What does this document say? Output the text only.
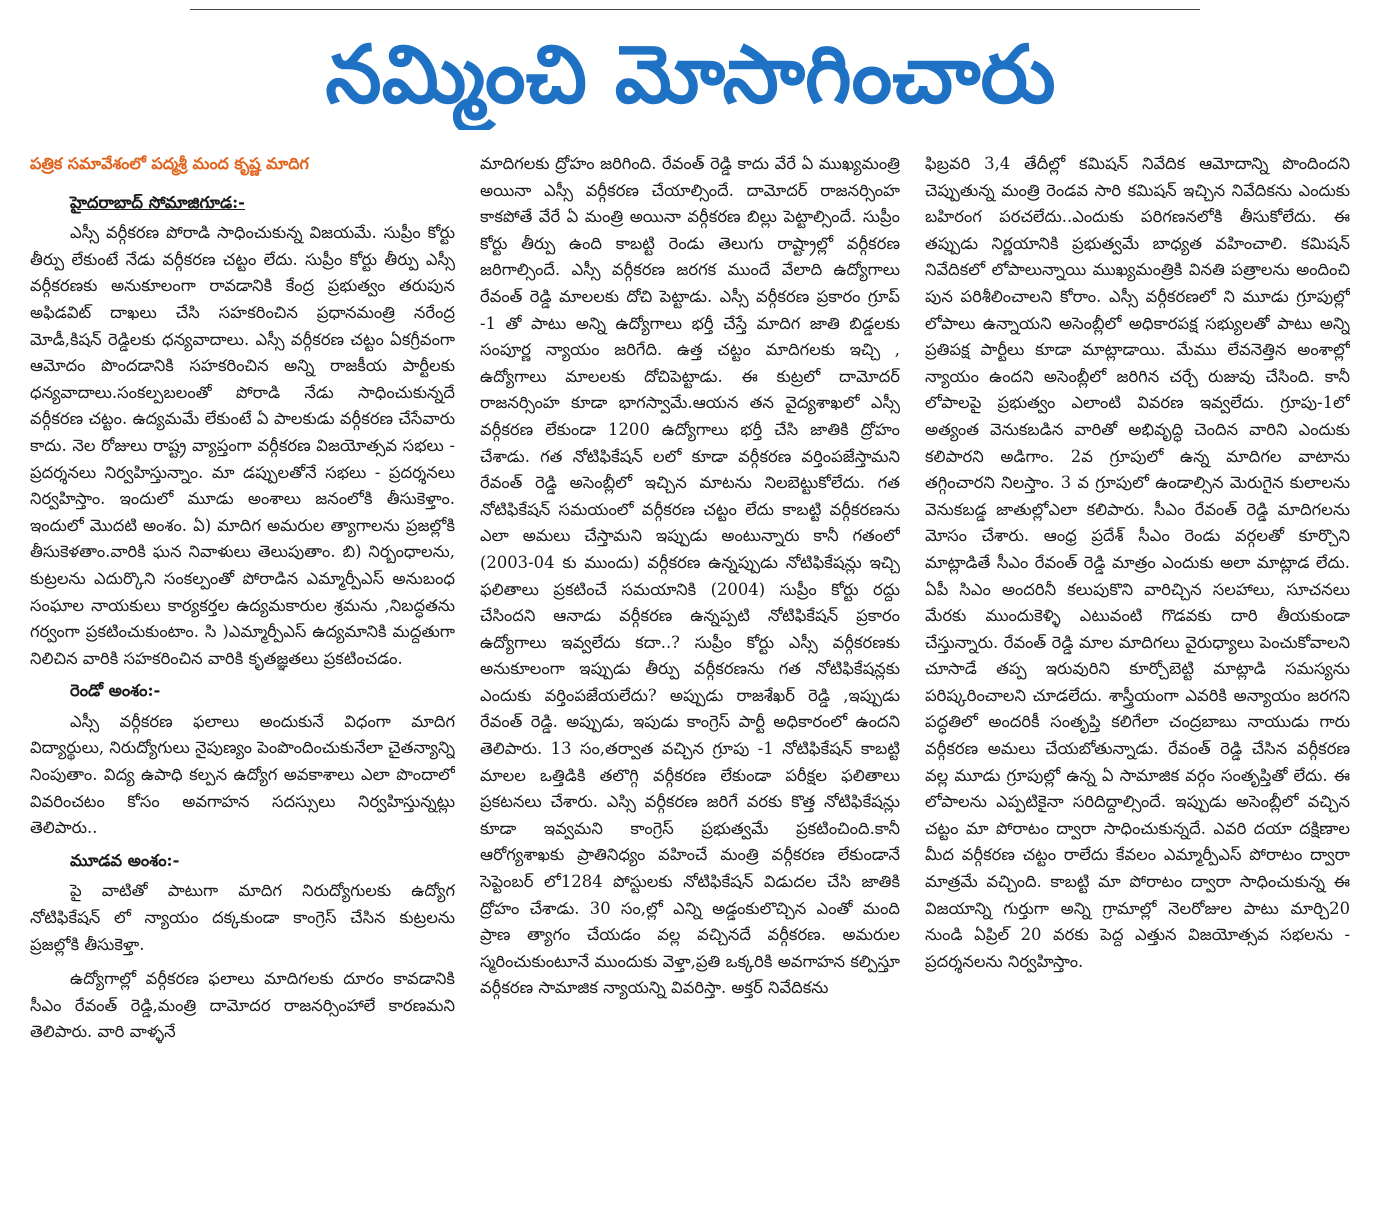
నమ్మించి మోసాగించారు
పత్రిక సమావేశంలో పద్మశ్రీ మంద కృష్ణ మాదిగ

హైదరాబాద్ సోమాజిగూడ:-

ఎస్సీ వర్గీకరణ పోరాడి సాధించుకున్న విజయమే. సుప్రీం కోర్టు తీర్పు లేకుంటే నేడు వర్గీకరణ చట్టం లేదు. సుప్రీం కోర్టు తీర్పు ఎస్సీ వర్గీకరణకు అనుకూలంగా రావడానికి కేంద్ర ప్రభుత్వం తరుపున అఫిడవిట్ దాఖలు చేసి సహకరించిన ప్రధానమంత్రి నరేంద్ర మోడీ,కిషన్ రెడ్డిలకు ధన్యవాదాలు. ఎస్సీ వర్గీకరణ చట్టం ఏకగ్రీవంగా ఆమోదం పొందడానికి సహకరించిన అన్ని రాజకీయ పార్టీలకు ధన్యవాదాలు.సంకల్పబలంతో పోరాడి నేడు సాధించుకున్నదే వర్గీకరణ చట్టం. ఉద్యమమే లేకుంటే ఏ పాలకుడు వర్గీకరణ చేసేవారు కాదు. నెల రోజులు రాష్ట్ర వ్యాప్తంగా వర్గీకరణ విజయోత్సవ సభలు - ప్రదర్శనలు నిర్వహిస్తున్నాం. మా డప్పులతోనే సభలు - ప్రదర్శనలు నిర్వహిస్తాం. ఇందులో మూడు అంశాలు జనంలోకి తీసుకెళ్తాం. ఇందులో మొదటి అంశం. ఏ) మాదిగ అమరుల త్యాగాలను ప్రజల్లోకి తీసుకెళతాం.వారికి ఘన నివాళులు తెలుపుతాం. బి) నిర్బంధాలను, కుట్రలను ఎదుర్కొని సంకల్పంతో పోరాడిన ఎమ్మార్పీఎస్ అనుబంధ సంఘాల నాయకులు కార్యకర్తల ఉద్యమకారుల శ్రమను ,నిబద్ధతను గర్వంగా ప్రకటించుకుంటాం. సి )ఎమ్మార్పీఎస్ ఉద్యమానికి మద్దతుగా నిలిచిన వారికి సహకరించిన వారికి కృతజ్ఞతలు ప్రకటించడం.

రెండో అంశం:-

ఎస్సీ వర్గీకరణ ఫలాలు అందుకునే విధంగా మాదిగ విద్యార్థులు, నిరుద్యోగులు నైపుణ్యం పెంపొందించుకునేలా చైతన్యాన్ని నింపుతాం. విద్య ఉపాధి కల్పన ఉద్యోగ అవకాశాలు ఎలా పొందాలో వివరించటం కోసం అవగాహన సదస్సులు నిర్వహిస్తున్నట్లు తెలిపారు..

మూడవ అంశం:-

పై వాటితో పాటుగా మాదిగ నిరుద్యోగులకు ఉద్యోగ నోటిఫికేషన్ లో న్యాయం దక్కకుండా కాంగ్రెస్ చేసిన కుట్రలను ప్రజల్లోకి తీసుకెళ్తా.

ఉద్యోగాల్లో వర్గీకరణ ఫలాలు మాదిగలకు దూరం కావడానికి సీఎం రేవంత్ రెడ్డి,మంత్రి దామోదర రాజనర్సింహాలే కారణమని తెలిపారు. వారి వాళ్ళనే

మాదిగలకు ద్రోహం జరిగింది. రేవంత్ రెడ్డి కాదు వేరే ఏ ముఖ్యమంత్రి అయినా ఎస్సీ వర్గీకరణ చేయాల్సిందే. దామోదర్ రాజనర్సింహ కాకపోతే వేరే ఏ మంత్రి అయినా వర్గీకరణ బిల్లు పెట్టాల్సిందే. సుప్రీం కోర్టు తీర్పు ఉంది కాబట్టి రెండు తెలుగు రాష్ట్రాల్లో వర్గీకరణ జరిగాల్సిందే. ఎస్సీ వర్గీకరణ జరగక ముందే వేలాది ఉద్యోగాలు రేవంత్ రెడ్డి మాలలకు దోచి పెట్టాడు. ఎస్సీ వర్గీకరణ ప్రకారం గ్రూప్ -1 తో పాటు అన్ని ఉద్యోగాలు భర్తీ చేస్తే మాదిగ జాతి బిడ్డలకు సంపూర్ణ న్యాయం జరిగేది. ఉత్త చట్టం మాదిగలకు ఇచ్చి , ఉద్యోగాలు మాలలకు దోచిపెట్టాడు. ఈ కుట్రలో దామోదర్ రాజనర్సింహ కూడా భాగస్వామే.ఆయన తన వైద్యశాఖలో ఎస్సీ వర్గీకరణ లేకుండా 1200 ఉద్యోగాలు భర్తీ చేసి జాతికి ద్రోహం చేశాడు. గత నోటిఫికేషన్ లలో కూడా వర్గీకరణ వర్తింపజేస్తామని రేవంత్ రెడ్డి అసెంబ్లీలో ఇచ్చిన మాటను నిలబెట్టుకోలేదు. గత నోటిఫికేషన్ సమయంలో వర్గీకరణ చట్టం లేదు కాబట్టి వర్గీకరణను ఎలా అమలు చేస్తామని ఇప్పుడు అంటున్నారు కానీ గతంలో (2003-04 కు ముందు) వర్గీకరణ ఉన్నప్పుడు నోటిఫికేషన్లు ఇచ్చి ఫలితాలు ప్రకటించే సమయానికి (2004) సుప్రీం కోర్టు రద్దు చేసిందని ఆనాడు వర్గీకరణ ఉన్నప్పటి నోటిఫికేషన్ ప్రకారం ఉద్యోగాలు ఇవ్వలేదు కదా..? సుప్రీం కోర్టు ఎస్సీ వర్గీకరణకు అనుకూలంగా ఇప్పుడు తీర్పు వర్గీకరణను గత నోటిఫికేషన్లకు ఎందుకు వర్తింపజేయలేదు? అప్పుడు రాజశేఖర్ రెడ్డి ,ఇప్పుడు రేవంత్ రెడ్డి. అప్పుడు, ఇపుడు కాంగ్రెస్ పార్టీ అధికారంలో ఉందని తెలిపారు. 13 సం,తర్వాత వచ్చిన గ్రూపు -1 నోటిఫికేషన్ కాబట్టి మాలల ఒత్తిడికి తలొగ్గి వర్గీకరణ లేకుండా పరీక్షల ఫలితాలు ప్రకటనలు చేశారు. ఎస్సి వర్గీకరణ జరిగే వరకు కొత్త నోటిఫికేషన్లు కూడా ఇవ్వమని కాంగ్రెస్ ప్రభుత్వమే ప్రకటించింది.కానీ ఆరోగ్యశాఖకు ప్రాతినిధ్యం వహించే మంత్రి వర్గీకరణ లేకుండానే సెప్టెంబర్ లో1284 పోస్టులకు నోటిఫికేషన్ విడుదల చేసి జాతికి ద్రోహం చేశాడు. 30 సం,ల్లో ఎన్ని అడ్డంకులొచ్చిన ఎంతో మంది ప్రాణ త్యాగం చేయడం వల్ల వచ్చినదే వర్గీకరణ. అమరుల స్మరించుకుంటూనే ముందుకు వెళ్తా,ప్రతి ఒక్కరికి అవగాహన కల్పిస్తూ వర్గీకరణ సామాజిక న్యాయన్ని వివరిస్తా. అక్తర్ నివేదికను

ఫిబ్రవరి 3,4 తేదీల్లో కమిషన్ నివేదిక ఆమోదాన్ని పొందిందని చెప్పుతున్న మంత్రి రెండవ సారి కమిషన్ ఇచ్చిన నివేదికను ఎందుకు బహిరంగ పరచలేదు..ఎందుకు పరిగణనలోకి తీసుకోలేదు. ఈ తప్పుడు నిర్ణయానికి ప్రభుత్వమే బాధ్యత వహించాలి. కమిషన్ నివేదికలో లోపాలున్నాయి ముఖ్యమంత్రికి వినతి పత్రాలను అందించి పున పరిశీలించాలని కోరాం. ఎస్సీ వర్గీకరణలో ని మూడు గ్రూపుల్లో లోపాలు ఉన్నాయని అసెంబ్లీలో అధికారపక్ష సభ్యులతో పాటు అన్ని ప్రతిపక్ష పార్టీలు కూడా మాట్లాడాయి. మేము లేవనెత్తిన అంశాల్లో న్యాయం ఉందని అసెంబ్లీలో జరిగిన చర్చే రుజువు చేసింది. కానీ లోపాలపై ప్రభుత్వం ఎలాంటి వివరణ ఇవ్వలేదు. గ్రూపు-1లో అత్యంత వెనుకబడిన వారితో అభివృద్ధి చెందిన వారిని ఎందుకు కలిపారని అడిగాం. 2వ గ్రూపులో ఉన్న మాదిగల వాటాను తగ్గించారని నిలస్తాం. 3 వ గ్రూపులో ఉండాల్సిన మెరుగైన కులాలను వెనుకబడ్డ జాతుల్లోఎలా కలిపారు. సీఎం రేవంత్ రెడ్డి మాదిగలను మోసం చేశారు. ఆంధ్ర ప్రదేశ్ సీఎం రెండు వర్గలతో కూర్చొని మాట్లాడితే సీఎం రేవంత్ రెడ్డి మాత్రం ఎందుకు అలా మాట్లాడ లేదు. ఏపీ సిఎం అందరినీ కలుపుకొని వారిచ్చిన సలహాలు, సూచనలు మేరకు ముందుకెళ్ళి ఎటువంటి గొడవకు దారి తీయకుండా చేస్తున్నారు. రేవంత్ రెడ్డి మాల మాదిగలు వైరుధ్యాలు పెంచుకోవాలని చూసాడే తప్ప ఇరువురిని కూర్చోబెట్టి మాట్లాడి సమస్యను పరిష్కరించాలని చూడలేదు. శాస్త్రీయంగా ఎవరికి అన్యాయం జరగని పద్ధతిలో అందరికీ సంతృప్తి కలిగేలా చంద్రబాబు నాయుడు గారు వర్గీకరణ అమలు చేయబోతున్నాడు. రేవంత్ రెడ్డి చేసిన వర్గీకరణ వల్ల మూడు గ్రూపుల్లో ఉన్న ఏ సామాజిక వర్గం సంతృప్తితో లేదు. ఈ లోపాలను ఎప్పటికైనా సరిదిద్దాల్సిందే. ఇప్పుడు అసెంబ్లీలో వచ్చిన చట్టం మా పోరాటం ద్వారా సాధించుకున్నదే. ఎవరి దయా దక్షిణాల మీద వర్గీకరణ చట్టం రాలేదు కేవలం ఎమ్మార్పీఎస్ పోరాటం ద్వారా మాత్రమే వచ్చింది. కాబట్టి మా పోరాటం ద్వారా సాధించుకున్న ఈ విజయాన్ని గుర్తుగా అన్ని గ్రామాల్లో నెలరోజుల పాటు మార్చి20 నుండి ఏప్రిల్ 20 వరకు పెద్ద ఎత్తున విజయోత్సవ సభలను - ప్రదర్శనలను నిర్వహిస్తాం.
